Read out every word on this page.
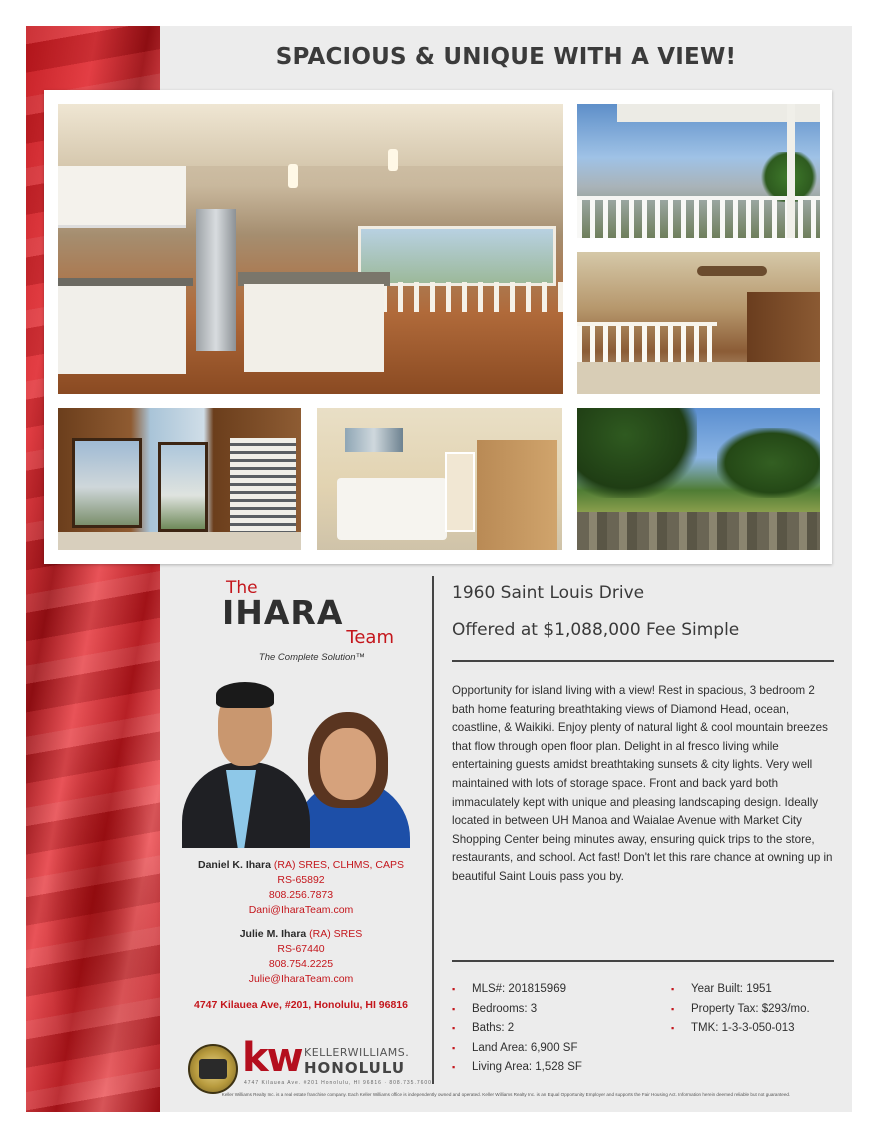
SPACIOUS & UNIQUE WITH A VIEW!
The
IHARA
Team
The Complete Solution™
Daniel K. Ihara (RA) SRES, CLHMS, CAPS
RS-65892
808.256.7873
Dani@IharaTeam.com
Julie M. Ihara (RA) SRES
RS-67440
808.754.2225
Julie@IharaTeam.com
4747 Kilauea Ave, #201, Honolulu, HI 96816
kw KELLERWILLIAMS.
HONOLULU
4747 Kilauea Ave. #201 Honolulu, HI 96816 · 808.735.7600
1960 Saint Louis Drive
Offered at $1,088,000 Fee Simple
Opportunity for island living with a view! Rest in spacious, 3 bedroom 2 bath home featuring breathtaking views of Diamond Head, ocean, coastline, & Waikiki. Enjoy plenty of natural light & cool mountain breezes that flow through open floor plan. Delight in al fresco living while entertaining guests amidst breathtaking sunsets & city lights. Very well maintained with lots of storage space. Front and back yard both immaculately kept with unique and pleasing landscaping design. Ideally located in between UH Manoa and Waialae Avenue with Market City Shopping Center being minutes away, ensuring quick trips to the store, restaurants, and school. Act fast! Don't let this rare chance at owning up in beautiful Saint Louis pass you by.
▪ MLS#: 201815969
▪ Bedrooms: 3
▪ Baths: 2
▪ Land Area: 6,900 SF
▪ Living Area: 1,528 SF
▪ Year Built: 1951
▪ Property Tax: $293/mo.
▪ TMK: 1-3-3-050-013
Keller Williams Realty Inc. is a real estate franchise company. Each Keller Williams office is independently owned and operated. Keller Williams Realty Inc. is an Equal Opportunity Employer and supports the Fair Housing Act. Information herein deemed reliable but not guaranteed.
